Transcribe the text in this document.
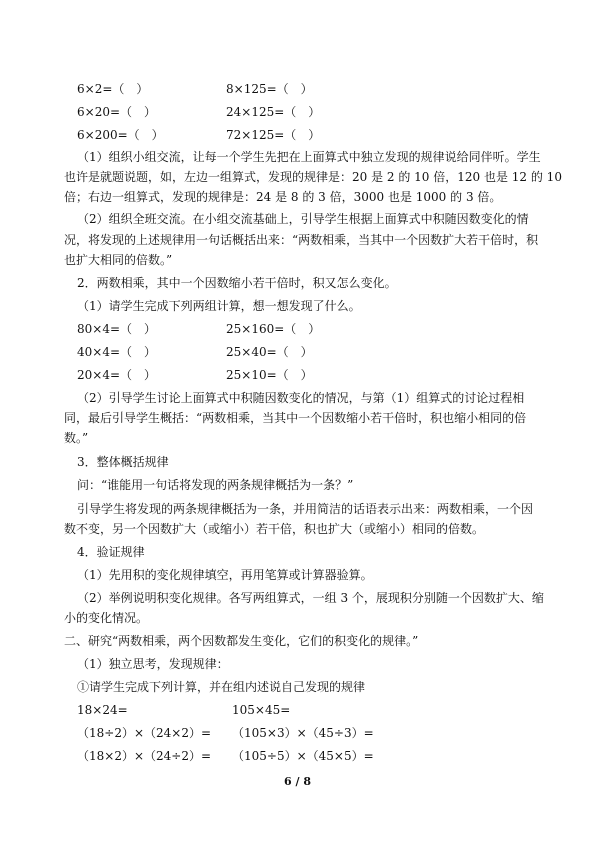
6×2=（　）	8×125=（　）
6×20=（　）	24×125=（　）
6×200=（　）	72×125=（　）
（1）组织小组交流，让每一个学生先把在上面算式中独立发现的规律说给同伴听。学生
也许是就题说题，如，左边一组算式，发现的规律是：20 是 2 的 10 倍，120 也是 12 的 10
倍；右边一组算式，发现的规律是：24 是 8 的 3 倍，3000 也是 1000 的 3 倍。
（2）组织全班交流。在小组交流基础上，引导学生根据上面算式中积随因数变化的情
况，将发现的上述规律用一句话概括出来：“两数相乘，当其中一个因数扩大若干倍时，积
也扩大相同的倍数。”
2．两数相乘，其中一个因数缩小若干倍时，积又怎么变化。
（1）请学生完成下列两组计算，想一想发现了什么。
80×4=（　）	25×160=（　）
40×4=（　）	25×40=（　）
20×4=（　）	25×10=（　）
（2）引导学生讨论上面算式中积随因数变化的情况，与第（1）组算式的讨论过程相
同，最后引导学生概括：“两数相乘，当其中一个因数缩小若干倍时，积也缩小相同的倍
数。”
3．整体概括规律
问：“谁能用一句话将发现的两条规律概括为一条？”
引导学生将发现的两条规律概括为一条，并用简洁的话语表示出来：两数相乘，一个因
数不变，另一个因数扩大（或缩小）若干倍，积也扩大（或缩小）相同的倍数。
4．验证规律
（1）先用积的变化规律填空，再用笔算或计算器验算。
（2）举例说明积变化规律。各写两组算式，一组 3 个，展现积分别随一个因数扩大、缩
小的变化情况。
二、研究“两数相乘，两个因数都发生变化，它们的积变化的规律。”
（1）独立思考，发现规律：
①请学生完成下列计算，并在组内述说自己发现的规律
18×24=	105×45=
（18÷2）×（24×2）= （105×3）×（45÷3）=
（18×2）×（24÷2）= （105÷5）×（45×5）=
6 / 8
